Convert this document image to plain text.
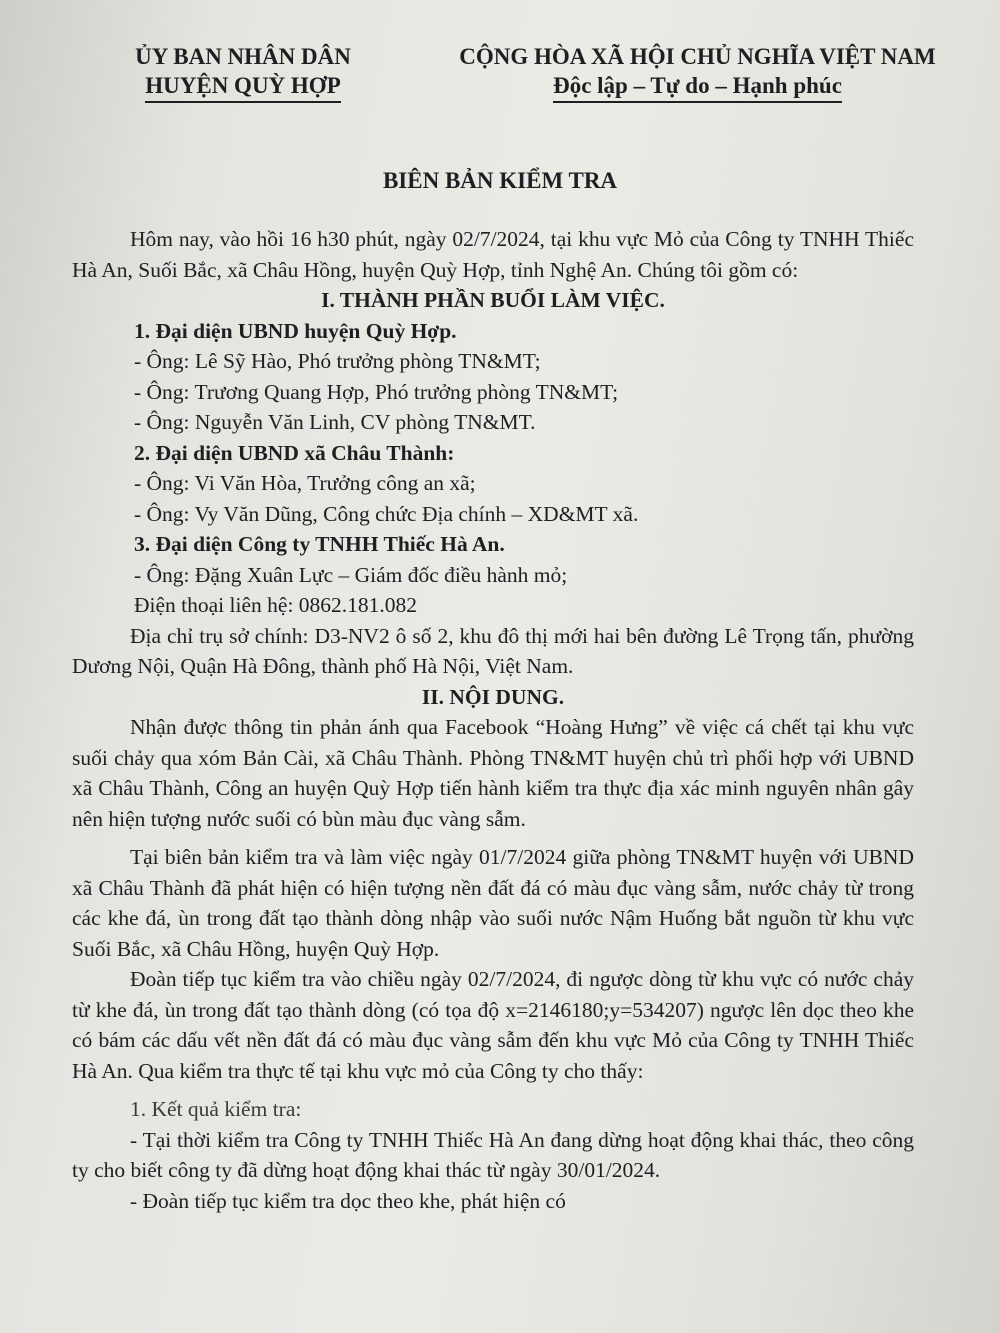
ỦY BAN NHÂN DÂN
HUYỆN QUỲ HỢP
CỘNG HÒA XÃ HỘI CHỦ NGHĨA VIỆT NAM
Độc lập – Tự do – Hạnh phúc
BIÊN BẢN KIỂM TRA

Hôm nay, vào hồi 16 h30 phút, ngày 02/7/2024, tại khu vực Mỏ của Công ty TNHH Thiếc Hà An, Suối Bắc, xã Châu Hồng, huyện Quỳ Hợp, tỉnh Nghệ An. Chúng tôi gồm có:

I. THÀNH PHẦN BUỔI LÀM VIỆC.

1. Đại diện UBND huyện Quỳ Hợp.

- Ông: Lê Sỹ Hào, Phó trưởng phòng TN&MT;

- Ông: Trương Quang Hợp, Phó trưởng phòng TN&MT;

- Ông: Nguyễn Văn Linh, CV phòng TN&MT.

2. Đại diện UBND xã Châu Thành:

- Ông: Vi Văn Hòa, Trưởng công an xã;

- Ông: Vy Văn Dũng, Công chức Địa chính – XD&MT xã.

3. Đại diện Công ty TNHH Thiếc Hà An.

- Ông: Đặng Xuân Lực – Giám đốc điều hành mỏ;

Điện thoại liên hệ: 0862.181.082

Địa chỉ trụ sở chính: D3-NV2 ô số 2, khu đô thị mới hai bên đường Lê Trọng tấn, phường Dương Nội, Quận Hà Đông, thành phố Hà Nội, Việt Nam.

II. NỘI DUNG.

Nhận được thông tin phản ánh qua Facebook “Hoàng Hưng” về việc cá chết tại khu vực suối chảy qua xóm Bản Cài, xã Châu Thành. Phòng TN&MT huyện chủ trì phối hợp với UBND xã Châu Thành, Công an huyện Quỳ Hợp tiến hành kiểm tra thực địa xác minh nguyên nhân gây nên hiện tượng nước suối có bùn màu đục vàng sẫm.

Tại biên bản kiểm tra và làm việc ngày 01/7/2024 giữa phòng TN&MT huyện với UBND xã Châu Thành đã phát hiện có hiện tượng nền đất đá có màu đục vàng sẫm, nước chảy từ trong các khe đá, ùn trong đất tạo thành dòng nhập vào suối nước Nậm Huống bắt nguồn từ khu vực Suối Bắc, xã Châu Hồng, huyện Quỳ Hợp.

Đoàn tiếp tục kiểm tra vào chiều ngày 02/7/2024, đi ngược dòng từ khu vực có nước chảy từ khe đá, ùn trong đất tạo thành dòng (có tọa độ x=2146180;y=534207) ngược lên dọc theo khe có bám các dấu vết nền đất đá có màu đục vàng sẫm đến khu vực Mỏ của Công ty TNHH Thiếc Hà An. Qua kiểm tra thực tế tại khu vực mỏ của Công ty cho thấy:

1. Kết quả kiểm tra:

- Tại thời kiểm tra Công ty TNHH Thiếc Hà An đang dừng hoạt động khai thác, theo công ty cho biết công ty đã dừng hoạt động khai thác từ ngày 30/01/2024.

- Đoàn tiếp tục kiểm tra dọc theo khe, phát hiện có
